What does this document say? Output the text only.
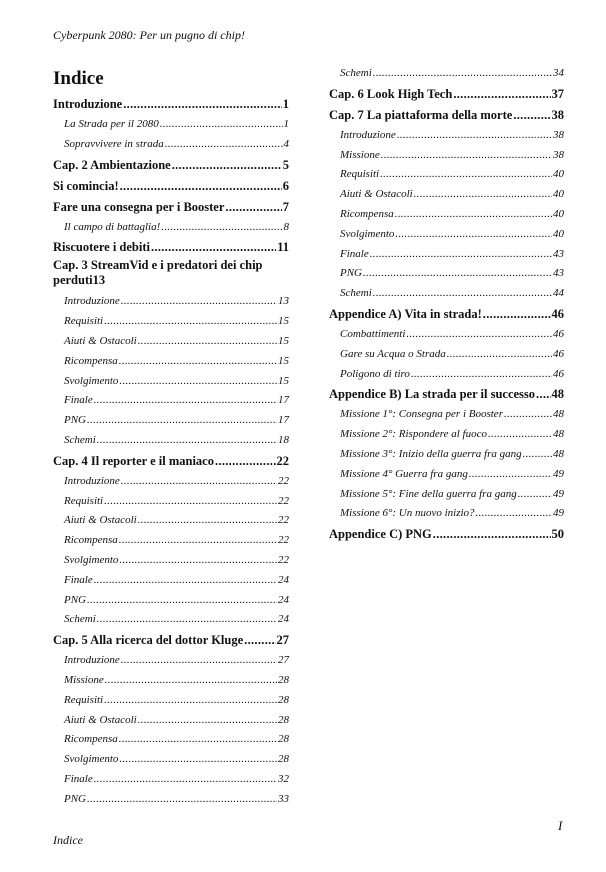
Cyberpunk 2080: Per un pugno di chip!
Indice
Introduzione .....	1
La Strada per il 2080 .....	1
Sopravvivere in strada .....	4
Cap. 2 Ambientazione .....	5
Si comincia! .....	6
Fare una consegna per i Booster .....	7
Il campo di battaglia! .....	8
Riscuotere i debiti .....	11
Cap. 3 StreamVid e i predatori dei chip
perduti 13
Introduzione .....	13
Requisiti .....	15
Aiuti & Ostacoli .....	15
Ricompensa .....	15
Svolgimento .....	15
Finale .....	17
PNG .....	17
Schemi .....	18
Cap. 4 Il reporter e il maniaco .....	22
Introduzione .....	22
Requisiti .....	22
Aiuti & Ostacoli .....	22
Ricompensa .....	22
Svolgimento .....	22
Finale .....	24
PNG .....	24
Schemi .....	24
Cap. 5 Alla ricerca del dottor Kluge .....	27
Introduzione .....	27
Missione .....	28
Requisiti .....	28
Aiuti & Ostacoli .....	28
Ricompensa .....	28
Svolgimento .....	28
Finale .....	32
PNG .....	33
Schemi .....	34
Cap. 6 Look High Tech .....	37
Cap. 7 La piattaforma della morte .....	38
Introduzione .....	38
Missione .....	38
Requisiti .....	40
Aiuti & Ostacoli .....	40
Ricompensa .....	40
Svolgimento .....	40
Finale .....	43
PNG .....	43
Schemi .....	44
Appendice A) Vita in strada! .....	46
Combattimenti .....	46
Gare su Acqua o Strada .....	46
Poligono di tiro .....	46
Appendice B) La strada per il successo ..... 48
Missione 1°: Consegna per i Booster .....	48
Missione 2°: Rispondere al fuoco .....	48
Missione 3°: Inizio della guerra fra gang .....	48
Missione 4° Guerra fra gang .....	49
Missione 5°: Fine della guerra fra gang .....	49
Missione 6°: Un nuovo inizio? .....	49
Appendice C) PNG .....	50
Indice
I
